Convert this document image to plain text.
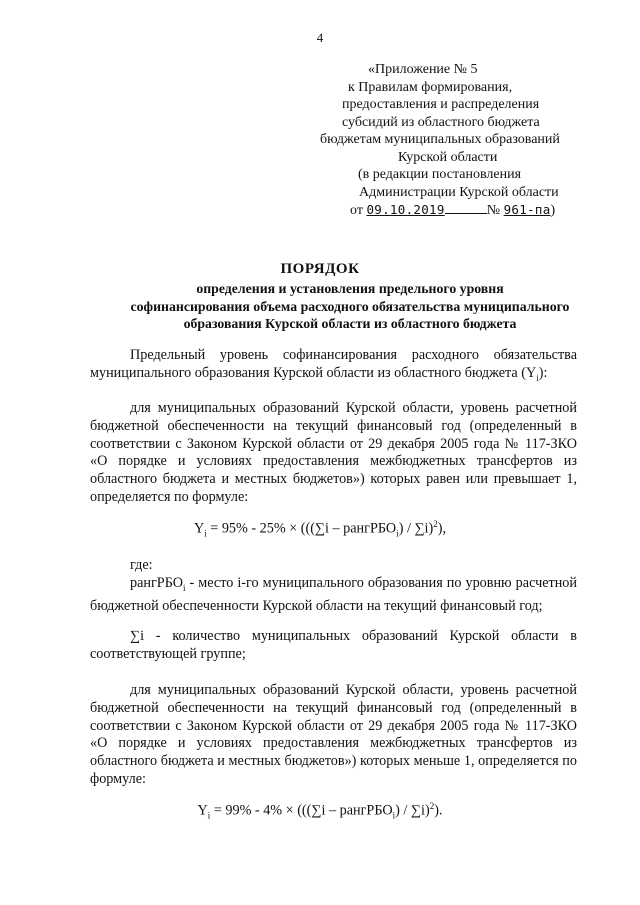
4
«Приложение № 5
к Правилам формирования,
предоставления и распределения
субсидий из областного бюджета
бюджетам муниципальных образований
Курской области
(в редакции постановления
Администрации Курской области
от 09.10.2019	№ 961-па)
ПОРЯДОК
определения и установления предельного уровня
софинансирования объема расходного обязательства муниципального
образования Курской области из областного бюджета
Предельный уровень софинансирования расходного обязательства муниципального образования Курской области из областного бюджета $(Y_i)$:
для муниципальных образований Курской области, уровень расчетной бюджетной обеспеченности на текущий финансовый год (определенный в соответствии с Законом Курской области от 29 декабря 2005 года № 117-ЗКО «О порядке и условиях предоставления межбюджетных трансфертов из областного бюджета и местных бюджетов») которых равен или превышает 1, определяется по формуле:
$Y_i = 95\% - 25\% \times (((\sum i$ – рангРБО$_i$) / ∑i)$^2$),
где:
рангРБО$_i$ - место i-го муниципального образования по уровню расчетной бюджетной обеспеченности Курской области на текущий финансовый год;
∑i - количество муниципальных образований Курской области в соответствующей группе;
для муниципальных образований Курской области, уровень расчетной бюджетной обеспеченности на текущий финансовый год (определенный в соответствии с Законом Курской области от 29 декабря 2005 года № 117-ЗКО «О порядке и условиях предоставления межбюджетных трансфертов из областного бюджета и местных бюджетов») которых меньше 1, определяется по формуле:
$Y_i = 99\% - 4\% \times (((\sum i$ – рангРБО$_i$) / ∑i)$^2$).
